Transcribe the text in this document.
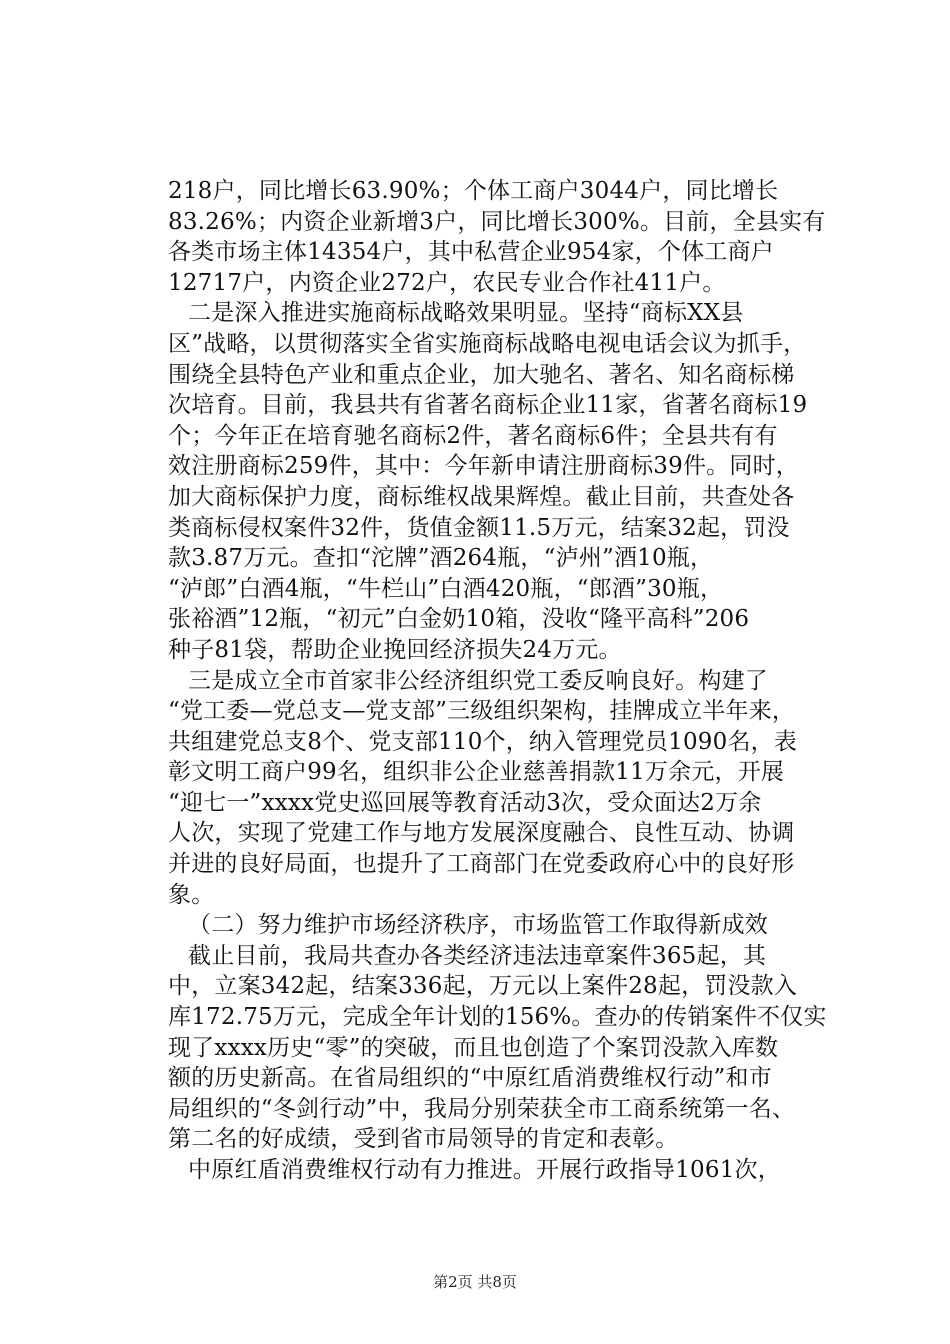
218户，同比增长63.90%；个体工商户3044户，同比增长
83.26%；内资企业新增3户，同比增长300%。目前，全县实有
各类市场主体14354户，其中私营企业954家，个体工商户
12717户，内资企业272户，农民专业合作社411户。
二是深入推进实施商标战略效果明显。坚持“商标XX县
区”战略，以贯彻落实全省实施商标战略电视电话会议为抓手，
围绕全县特色产业和重点企业，加大驰名、著名、知名商标梯
次培育。目前，我县共有省著名商标企业11家，省著名商标19
个；今年正在培育驰名商标2件，著名商标6件；全县共有有
效注册商标259件，其中：今年新申请注册商标39件。同时，
加大商标保护力度，商标维权战果辉煌。截止目前，共查处各
类商标侵权案件32件，货值金额11.5万元，结案32起，罚没
款3.87万元。查扣“沱牌”酒264瓶，“泸州”酒10瓶，
“泸郎”白酒4瓶，“牛栏山”白酒420瓶，“郎酒”30瓶，
张裕酒”12瓶，“初元”白金奶10箱，没收“隆平高科”206
种子81袋，帮助企业挽回经济损失24万元。
三是成立全市首家非公经济组织党工委反响良好。构建了
“党工委—党总支—党支部”三级组织架构，挂牌成立半年来，
共组建党总支8个、党支部110个，纳入管理党员1090名，表
彰文明工商户99名，组织非公企业慈善捐款11万余元，开展
“迎七一”xxxx党史巡回展等教育活动3次，受众面达2万余
人次，实现了党建工作与地方发展深度融合、良性互动、协调
并进的良好局面，也提升了工商部门在党委政府心中的良好形
象。
（二）努力维护市场经济秩序，市场监管工作取得新成效
截止目前，我局共查办各类经济违法违章案件365起，其
中，立案342起，结案336起，万元以上案件28起，罚没款入
库172.75万元，完成全年计划的156%。查办的传销案件不仅实
现了xxxx历史“零”的突破，而且也创造了个案罚没款入库数
额的历史新高。在省局组织的“中原红盾消费维权行动”和市
局组织的“冬剑行动”中，我局分别荣获全市工商系统第一名、
第二名的好成绩，受到省市局领导的肯定和表彰。
中原红盾消费维权行动有力推进。开展行政指导1061次，
第2页 共8页
